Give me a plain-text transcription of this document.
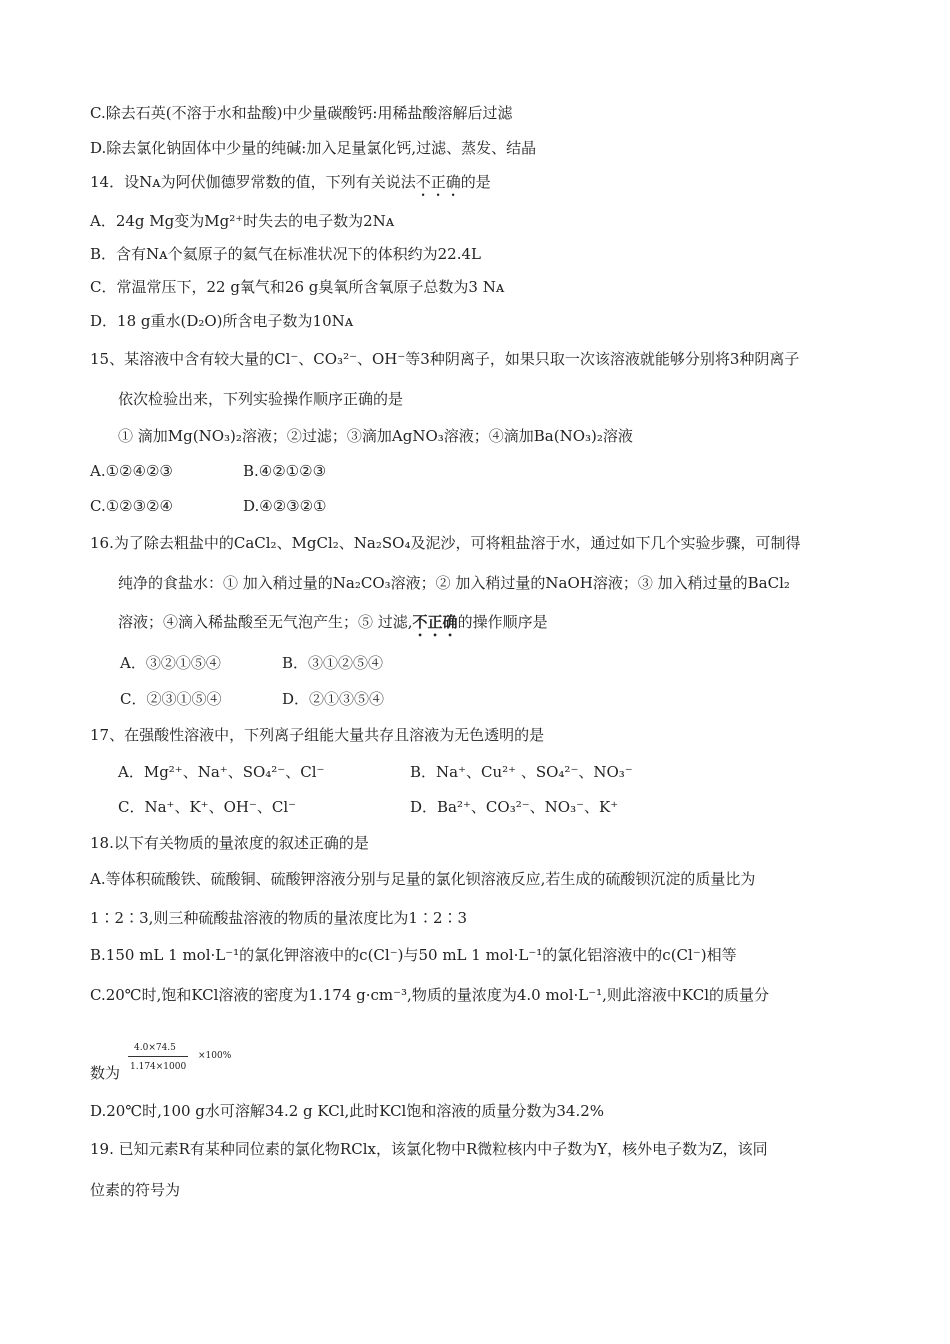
C.除去石英(不溶于水和盐酸)中少量碳酸钙:用稀盐酸溶解后过滤
D.除去氯化钠固体中少量的纯碱:加入足量氯化钙,过滤、蒸发、结晶
14．设Nᴀ为阿伏伽德罗常数的值，下列有关说法不正确的是
A．24g Mg变为Mg²⁺时失去的电子数为2Nᴀ
B．含有Nᴀ个氦原子的氦气在标准状况下的体积约为22.4L
C．常温常压下，22 g氧气和26 g臭氧所含氧原子总数为3 Nᴀ
D．18 g重水(D₂O)所含电子数为10Nᴀ
15、某溶液中含有较大量的Cl⁻、CO₃²⁻、OH⁻等3种阴离子，如果只取一次该溶液就能够分别将3种阴离子
依次检验出来，下列实验操作顺序正确的是
① 滴加Mg(NO₃)₂溶液；②过滤；③滴加AgNO₃溶液；④滴加Ba(NO₃)₂溶液
A.①②④②③	B.④②①②③
C.①②③②④	D.④②③②①
16.为了除去粗盐中的CaCl₂、MgCl₂、Na₂SO₄及泥沙，可将粗盐溶于水，通过如下几个实验步骤，可制得
纯净的食盐水：① 加入稍过量的Na₂CO₃溶液；② 加入稍过量的NaOH溶液；③ 加入稍过量的BaCl₂
溶液；④滴入稀盐酸至无气泡产生；⑤ 过滤,不正确的操作顺序是
A．③②①⑤④	B．③①②⑤④
C．②③①⑤④	D．②①③⑤④
17、在强酸性溶液中，下列离子组能大量共存且溶液为无色透明的是
A．Mg²⁺、Na⁺、SO₄²⁻、Cl⁻	B．Na⁺、Cu²⁺ 、SO₄²⁻、NO₃⁻
C．Na⁺、K⁺、OH⁻、Cl⁻	D．Ba²⁺、CO₃²⁻、NO₃⁻、K⁺
18.以下有关物质的量浓度的叙述正确的是
A.等体积硫酸铁、硫酸铜、硫酸钾溶液分别与足量的氯化钡溶液反应,若生成的硫酸钡沉淀的质量比为
1∶2∶3,则三种硫酸盐溶液的物质的量浓度比为1∶2∶3
B.150 mL 1 mol·L⁻¹的氯化钾溶液中的c(Cl⁻)与50 mL 1 mol·L⁻¹的氯化铝溶液中的c(Cl⁻)相等
C.20℃时,饱和KCl溶液的密度为1.174 g·cm⁻³,物质的量浓度为4.0 mol·L⁻¹,则此溶液中KCl的质量分
数为
4.0×74.5
1.174×1000
×100%
D.20℃时,100 g水可溶解34.2 g KCl,此时KCl饱和溶液的质量分数为34.2%
19. 已知元素R有某种同位素的氯化物RClx，该氯化物中R微粒核内中子数为Y，核外电子数为Z，该同
位素的符号为
